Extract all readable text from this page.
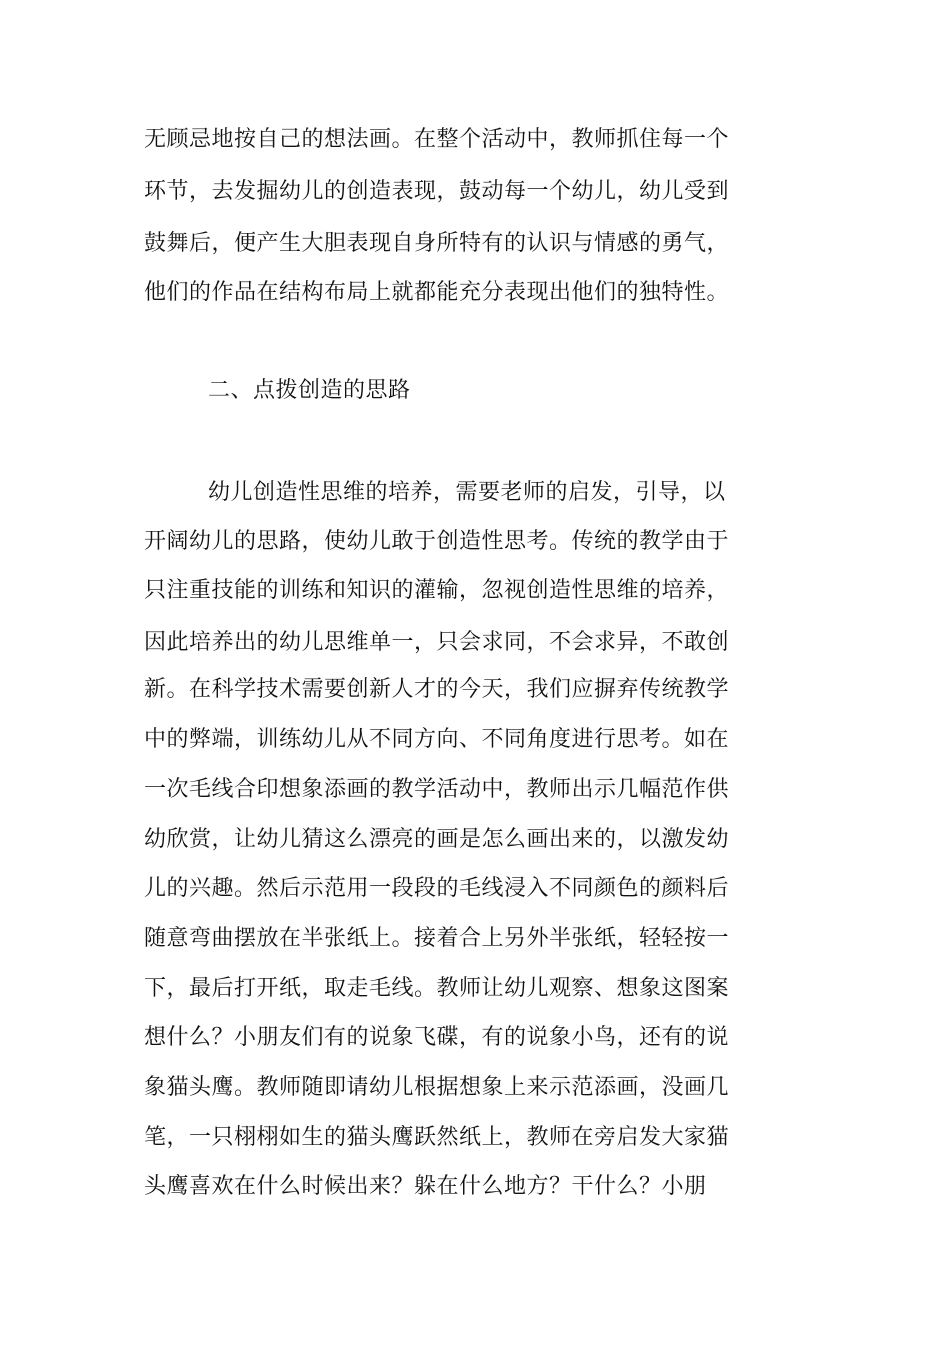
无顾忌地按自己的想法画。在整个活动中，教师抓住每一个
环节，去发掘幼儿的创造表现，鼓动每一个幼儿，幼儿受到
鼓舞后，便产生大胆表现自身所特有的认识与情感的勇气，
他们的作品在结构布局上就都能充分表现出他们的独特性。
二、点拨创造的思路
幼儿创造性思维的培养，需要老师的启发，引导，以
开阔幼儿的思路，使幼儿敢于创造性思考。传统的教学由于
只注重技能的训练和知识的灌输，忽视创造性思维的培养，
因此培养出的幼儿思维单一，只会求同，不会求异，不敢创
新。在科学技术需要创新人才的今天，我们应摒弃传统教学
中的弊端，训练幼儿从不同方向、不同角度进行思考。如在
一次毛线合印想象添画的教学活动中，教师出示几幅范作供
幼欣赏，让幼儿猜这么漂亮的画是怎么画出来的，以激发幼
儿的兴趣。然后示范用一段段的毛线浸入不同颜色的颜料后
随意弯曲摆放在半张纸上。接着合上另外半张纸，轻轻按一
下，最后打开纸，取走毛线。教师让幼儿观察、想象这图案
想什么？小朋友们有的说象飞碟，有的说象小鸟，还有的说
象猫头鹰。教师随即请幼儿根据想象上来示范添画，没画几
笔，一只栩栩如生的猫头鹰跃然纸上，教师在旁启发大家猫
头鹰喜欢在什么时候出来？躲在什么地方？干什么？小朋
